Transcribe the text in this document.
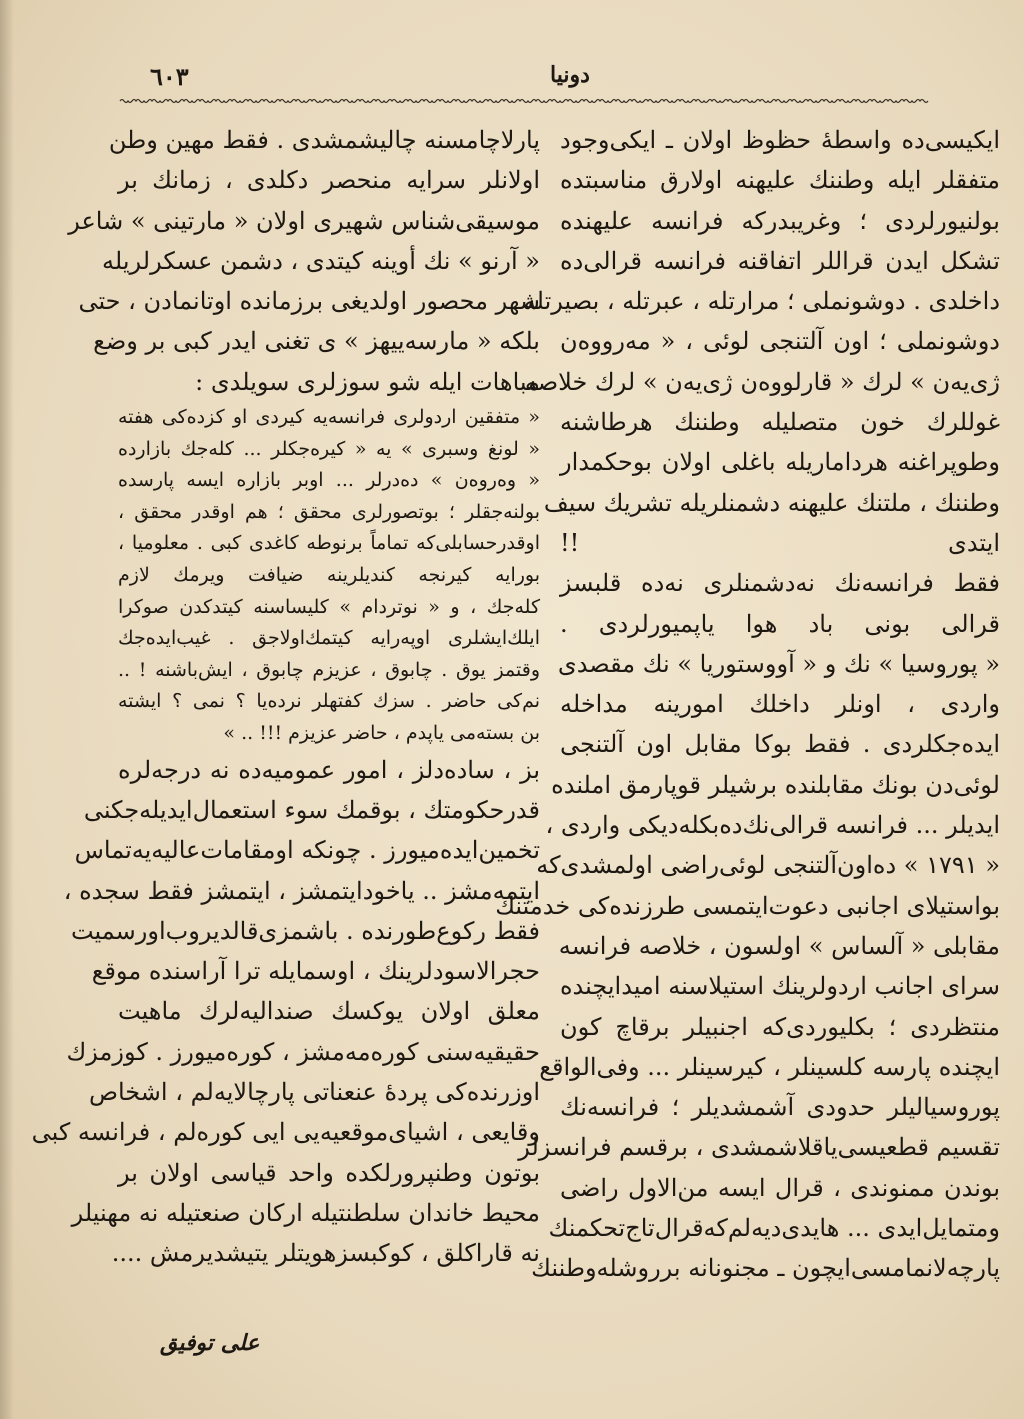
٦٠٣	دونيا
ایکیسی‌ده واسطهٔ حظوظ اولان ـ ایکی‌وجود
متفقلر ایله وطننك علیهنه اولارق مناسبتده
بولنیورلردی ؛ وغریبدرکه فرانسه علیهنده
تشکل ایدن قراللر اتفاقنه فرانسه قرالی‌ده
داخلدی . دوشونملی ؛ مرارتله ، عبرتله ، بصیرتله
دوشونملی ؛ اون آلتنجی لوئی ، « مه‌رووه‌ن
ژی‌یه‌ن » لرك « قارلووه‌ن ژی‌یه‌ن » لرك خلاصه
غوللرك خون متصلیله وطننك هرطاشنه
وطوپراغنه هرداماریله باغلی اولان بوحکمدار
وطننك ، ملتنك علیهنه دشمنلریله تشریك سیف
ایتدی !!
فقط فرانسه‌نك نه‌دشمنلری نه‌ده قلبسز
قرالی بونی باد هوا یاپمیورلردی .
« پوروسیا » نك و « آووستوریا » نك مقصدی
واردی ، اونلر داخلك امورینه مداخله
ایده‌جکلردی . فقط بوکا مقابل اون آلتنجی
لوئی‌دن بونك مقابلنده برشیلر قوپارمق املنده
ایدیلر ... فرانسه قرالی‌نك‌ده‌بکله‌دیکی واردی ،
« ۱۷۹۱ » ده‌اون‌آلتنجی لوئی‌راضی اولمشدی‌که
بواستیلای اجانبی دعوت‌ایتمسی طرزنده‌کی خدمتنك
مقابلی « آلساس » اولسون ، خلاصه فرانسه
سرای اجانب اردولرینك استیلاسنه امیدایچنده
منتظردی ؛ بکلیوردی‌که اجنبیلر برقاچ کون
ایچنده پارسه کلسینلر ، کیرسینلر ... وفی‌الواقع
پوروسیالیلر حدودی آشمشدیلر ؛ فرانسه‌نك
تقسیم قطعیسی‌یاقلاشمشدی ، برقسم فرانسزلر
بوندن ممنوندی ، قرال ایسه من‌الاول راضی
ومتمایل‌ایدی ... هایدی‌دیه‌لم‌که‌قرال‌تاج‌تحکمنك
پارچه‌لانمامسی‌ایچون ـ مجنونانه برروشله‌وطننك
پارلاچامسنه چالیشمشدی . فقط مهین وطن
اولانلر سرایه منحصر دکلدی ، زمانك بر
موسیقی‌شناس شهیری اولان « مارتینی » شاعر
« آرنو » نك أوینه کیتدی ، دشمن عسکرلریله
شهر محصور اولدیغی برزمانده اوتانمادن ، حتی
بلکه « مارسه‌ییهز » ی تغنی ایدر کبی بر وضع
مباهات ایله شو سوزلری سویلدی :
« متفقین اردولری فرانسه‌یه کیردی او کزده‌کی هفته
« لونغ وسبری » یه « کیره‌جکلر ... کله‌جك بازارده
« وه‌روه‌ن » ده‌درلر ... اوبر بازاره ایسه پارسده
بولنه‌جقلر ؛ بوتصورلری محقق ؛ هم اوقدر محقق ،
اوقدرحسابلی‌که تماماً برنوطه کاغدی کبی . معلومیا ،
بورایه کیرنجه کندیلرینه ضیافت ویرمك لازم
کله‌جك ، و « نوتردام » کلیساسنه کیتدکدن صوکرا
ایلك‌ایشلری اوپه‌رایه کیتمك‌اولاجق . غیب‌ایده‌جك
وقتمز یوق . چابوق ، عزیزم چابوق ، ایش‌باشنه ! ..
نم‌کی حاضر . سزك کفتهلر نرده‌یا ؟ نمی ؟ ایشته
بن بسته‌می یاپدم ، حاضر عزیزم !!! .. »
بز ، ساده‌دلز ، امور عمومیه‌ده نه درجه‌لره
قدرحکومتك ، بوقمك سوء استعمال‌ایدیله‌جکنی
تخمین‌ایده‌میورز . چونکه اومقامات‌عالیه‌یه‌تماس
ایتمه‌مشز .. یاخودایتمشز ، ایتمشز فقط سجده ،
فقط رکوع‌طورنده . باشمزی‌قالدیروب‌اورسمیت
حجرالاسودلرینك ، اوسمایله ترا آراسنده موقع
معلق اولان یوکسك صندالیه‌لرك ماهیت
حقیقیه‌سنی کوره‌مه‌مشز ، کوره‌میورز . کوزمزك
اوزرنده‌کی پردهٔ عنعناتی پارچالایه‌لم ، اشخاص
وقایعی ، اشیای‌موقعیه‌یی ایی کوره‌لم ، فرانسه کبی
بوتون وطنپرورلکده واحد قیاسی اولان بر
محیط خاندان سلطنتیله ارکان صنعتیله نه مهنیلر
نه قاراکلق ، کوکبسزهویتلر یتیشدیرمش ....
علی توفیق
